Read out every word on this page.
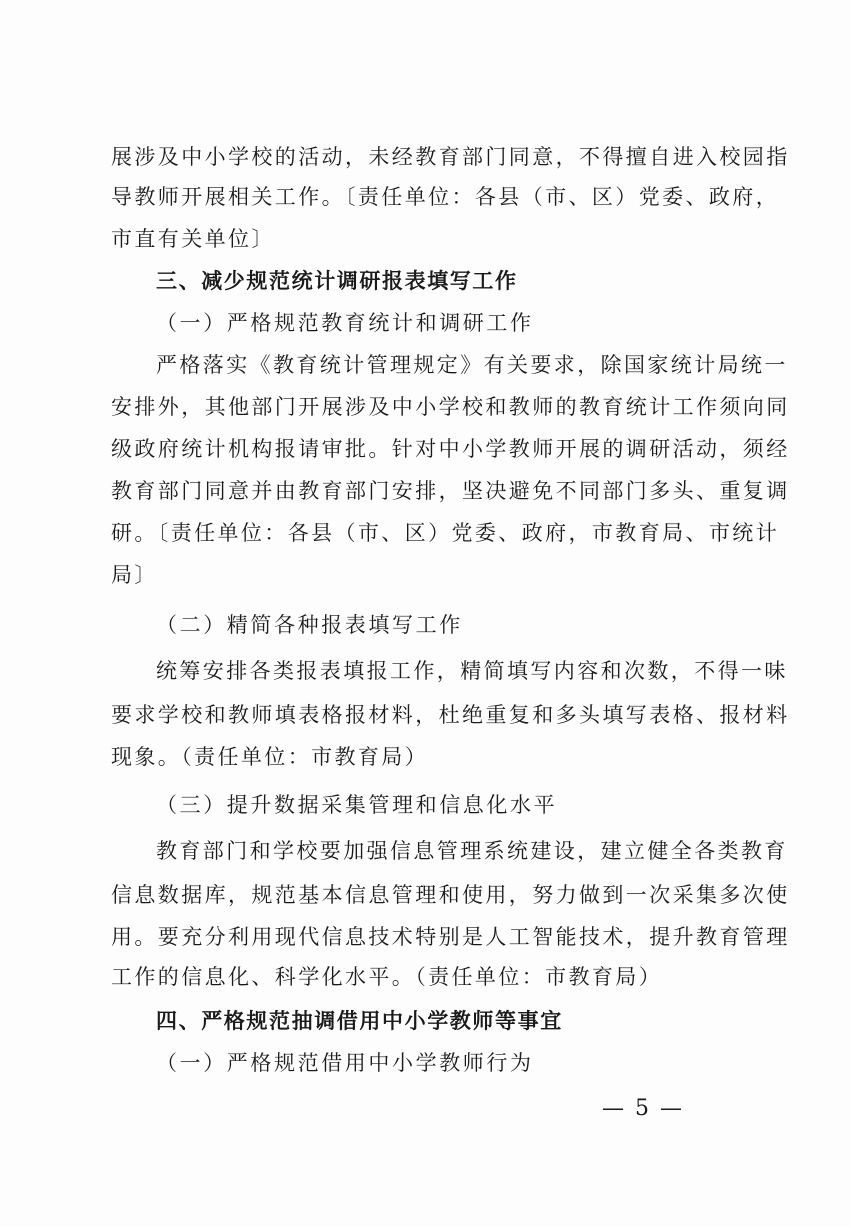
展涉及中小学校的活动，未经教育部门同意，不得擅自进入校园指
导教师开展相关工作。〔责任单位：各县（市、区）党委、政府，
市直有关单位〕
三、减少规范统计调研报表填写工作
（一）严格规范教育统计和调研工作
严格落实《教育统计管理规定》有关要求，除国家统计局统一
安排外，其他部门开展涉及中小学校和教师的教育统计工作须向同
级政府统计机构报请审批。针对中小学教师开展的调研活动，须经
教育部门同意并由教育部门安排，坚决避免不同部门多头、重复调
研。〔责任单位：各县（市、区）党委、政府，市教育局、市统计
局〕
（二）精简各种报表填写工作
统筹安排各类报表填报工作，精简填写内容和次数，不得一味
要求学校和教师填表格报材料，杜绝重复和多头填写表格、报材料
现象。（责任单位：市教育局）
（三）提升数据采集管理和信息化水平
教育部门和学校要加强信息管理系统建设，建立健全各类教育
信息数据库，规范基本信息管理和使用，努力做到一次采集多次使
用。要充分利用现代信息技术特别是人工智能技术，提升教育管理
工作的信息化、科学化水平。（责任单位：市教育局）
四、严格规范抽调借用中小学教师等事宜
（一）严格规范借用中小学教师行为
— 5 —
